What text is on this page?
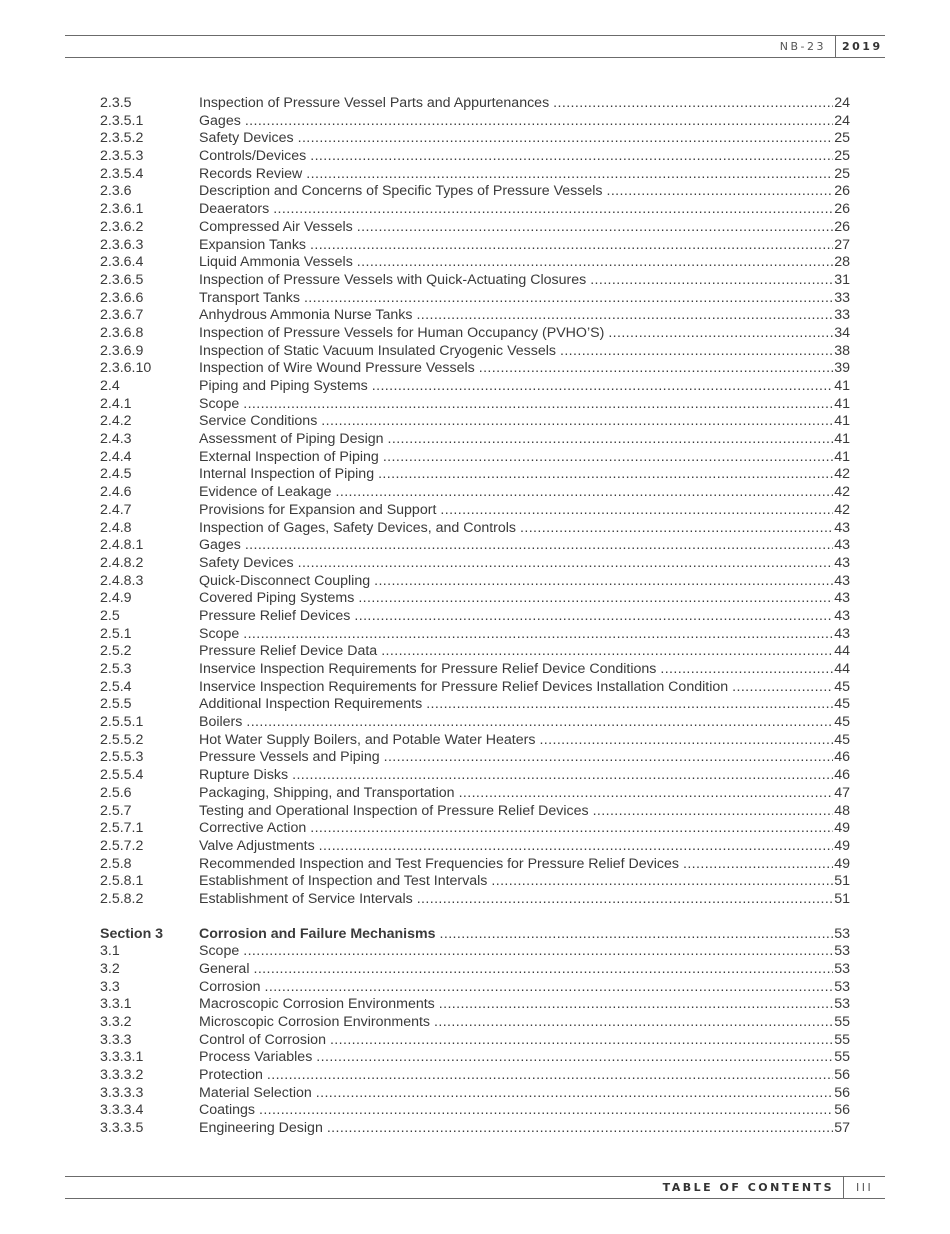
NB-23 2019
2.3.5	Inspection of Pressure Vessel Parts and Appurtenances .....	24
2.3.5.1	Gages .....	24
2.3.5.2	Safety Devices .....	25
2.3.5.3	Controls/Devices .....	25
2.3.5.4	Records Review .....	25
2.3.6	Description and Concerns of Specific Types of Pressure Vessels .....	26
2.3.6.1	Deaerators .....	26
2.3.6.2	Compressed Air Vessels .....	26
2.3.6.3	Expansion Tanks .....	27
2.3.6.4	Liquid Ammonia Vessels .....	28
2.3.6.5	Inspection of Pressure Vessels with Quick-Actuating Closures .....	31
2.3.6.6	Transport Tanks .....	33
2.3.6.7	Anhydrous Ammonia Nurse Tanks .....	33
2.3.6.8	Inspection of Pressure Vessels for Human Occupancy (PVHO’S) .....	34
2.3.6.9	Inspection of Static Vacuum Insulated Cryogenic Vessels .....	38
2.3.6.10	Inspection of Wire Wound Pressure Vessels .....	39
2.4	Piping and Piping Systems .....	41
2.4.1	Scope .....	41
2.4.2	Service Conditions .....	41
2.4.3	Assessment of Piping Design .....	41
2.4.4	External Inspection of Piping .....	41
2.4.5	Internal Inspection of Piping .....	42
2.4.6	Evidence of Leakage .....	42
2.4.7	Provisions for Expansion and Support .....	42
2.4.8	Inspection of Gages, Safety Devices, and Controls .....	43
2.4.8.1	Gages .....	43
2.4.8.2	Safety Devices .....	43
2.4.8.3	Quick-Disconnect Coupling .....	43
2.4.9	Covered Piping Systems .....	43
2.5	Pressure Relief Devices .....	43
2.5.1	Scope .....	43
2.5.2	Pressure Relief Device Data .....	44
2.5.3	Inservice Inspection Requirements for Pressure Relief Device Conditions .....	44
2.5.4	Inservice Inspection Requirements for Pressure Relief Devices Installation Condition .....	45
2.5.5	Additional Inspection Requirements .....	45
2.5.5.1	Boilers .....	45
2.5.5.2	Hot Water Supply Boilers, and Potable Water Heaters .....	45
2.5.5.3	Pressure Vessels and Piping .....	46
2.5.5.4	Rupture Disks .....	46
2.5.6	Packaging, Shipping, and Transportation .....	47
2.5.7	Testing and Operational Inspection of Pressure Relief Devices .....	48
2.5.7.1	Corrective Action .....	49
2.5.7.2	Valve Adjustments .....	49
2.5.8	Recommended Inspection and Test Frequencies for Pressure Relief Devices .....	49
2.5.8.1	Establishment of Inspection and Test Intervals .....	51
2.5.8.2	Establishment of Service Intervals .....	51
Section 3	Corrosion and Failure Mechanisms .....	53
3.1	Scope .....	53
3.2	General .....	53
3.3	Corrosion .....	53
3.3.1	Macroscopic Corrosion Environments .....	53
3.3.2	Microscopic Corrosion Environments .....	55
3.3.3	Control of Corrosion .....	55
3.3.3.1	Process Variables .....	55
3.3.3.2	Protection .....	56
3.3.3.3	Material Selection .....	56
3.3.3.4	Coatings .....	56
3.3.3.5	Engineering Design .....	57
TABLE OF CONTENTS III
